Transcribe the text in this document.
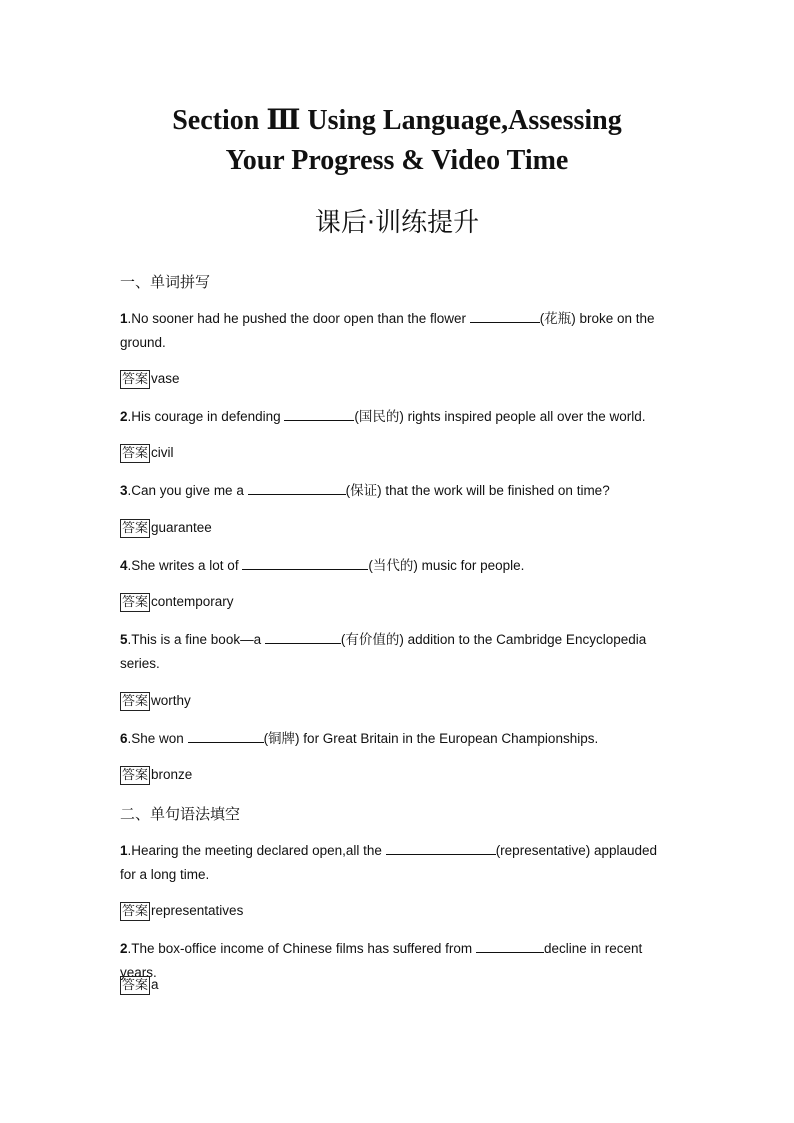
Section Ⅲ Using Language,Assessing
Your Progress & Video Time
课后·训练提升
一、单词拼写
1.No sooner had he pushed the door open than the flower	(花瓶) broke on the ground.
答案 vase
2.His courage in defending	(国民的) rights inspired people all over the world.
答案 civil
3.Can you give me a	(保证) that the work will be finished on time?
答案 guarantee
4.She writes a lot of	(当代的) music for people.
答案 contemporary
5.This is a fine book—a	(有价值的) addition to the Cambridge Encyclopedia series.
答案 worthy
6.She won	(铜牌) for Great Britain in the European Championships.
答案 bronze
二、单句语法填空
1.Hearing the meeting declared open,all the	(representative) applauded for a long time.
答案 representatives
2.The box-office income of Chinese films has suffered from	decline in recent years.
答案 a
